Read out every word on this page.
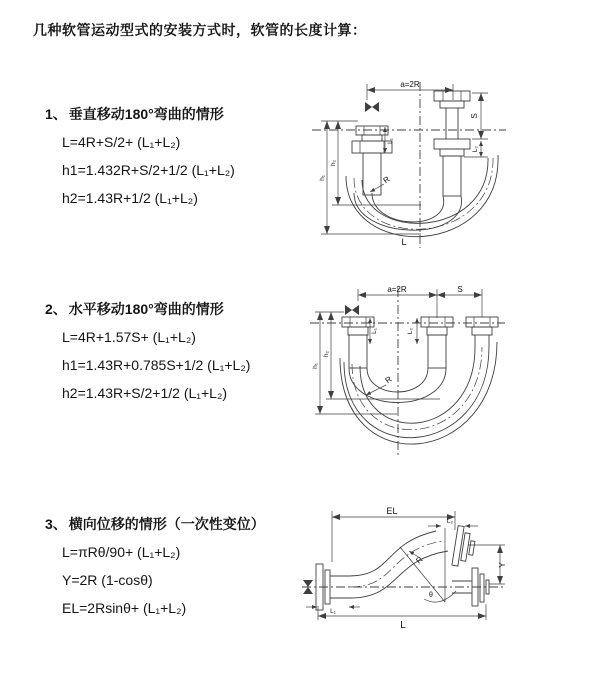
几种软管运动型式的安装方式时，软管的长度计算：
1、 垂直移动180°弯曲的情形
L=4R+S/2+ (L₁+L₂)
h1=1.432R+S/2+1/2 (L₁+L₂)
h2=1.43R+1/2 (L₁+L₂)
2、 水平移动180°弯曲的情形
L=4R+1.57S+ (L₁+L₂)
h1=1.43R+0.785S+1/2 (L₁+L₂)
h2=1.43R+S/2+1/2 (L₁+L₂)
3、 横向位移的情形（一次性变位）
L=πRθ/90+ (L₁+L₂)
Y=2R (1-cosθ)
EL=2Rsinθ+ (L₁+L₂)
a=2R
S
L₂
L₁
h₁
h₂
R
L
a=2R	S
L₁	L₂
h₁
h₂
R
EL
L₂
Y
R
θ
L
L₁
